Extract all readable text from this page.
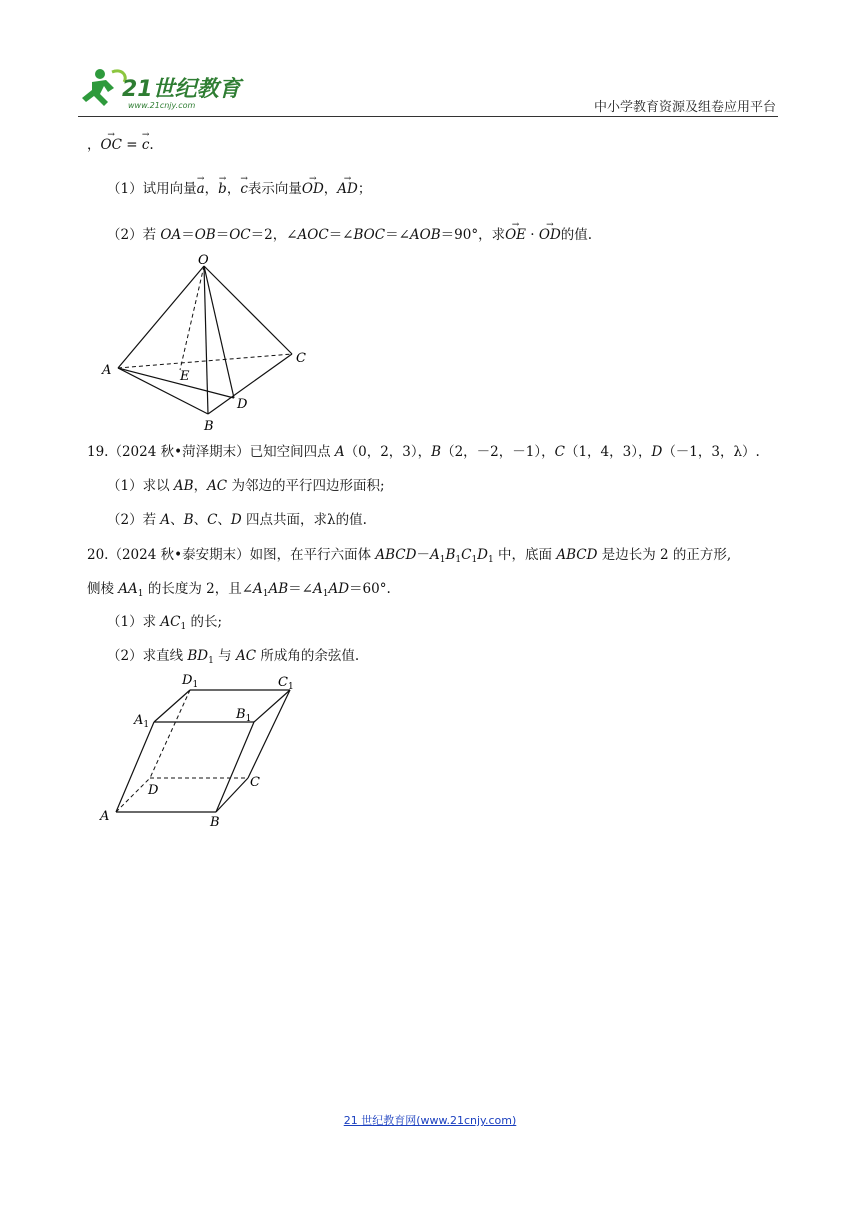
21世纪教育
www.21cnjy.com	中小学教育资源及组卷应用平台
，→ OC = → c.
（1）试用向量→ a，→ b，→ c表示向量→ OD，→ AD；
（2）若 OA＝OB＝OC＝2，∠AOC＝∠BOC＝∠AOB＝90°，求→ OE · → OD的值.
O
A
B
C
D
E
19.（2024 秋•菏泽期末）已知空间四点 A（0，2，3），B（2，－2，－1），C（1，4，3），D（－1，3，λ）.
（1）求以 AB，AC 为邻边的平行四边形面积;
（2）若 A、B、C、D 四点共面，求λ的值.
20.（2024 秋•泰安期末）如图，在平行六面体 $ABCD-A_1B_1C_1D_1$ 中，底面 ABCD 是边长为 2 的正方形,
侧棱 $AA_1$ 的长度为 2，且$\angle A_1AB=\angle A_1AD=60^\circ$.
（1）求 $AC_1$ 的长;
（2）求直线 $BD_1$ 与 AC 所成角的余弦值.
$D_1$	$C_1$
$A_1$
$B_1$
D
C
A	B
21 世纪教育网(www.21cnjy.com)
